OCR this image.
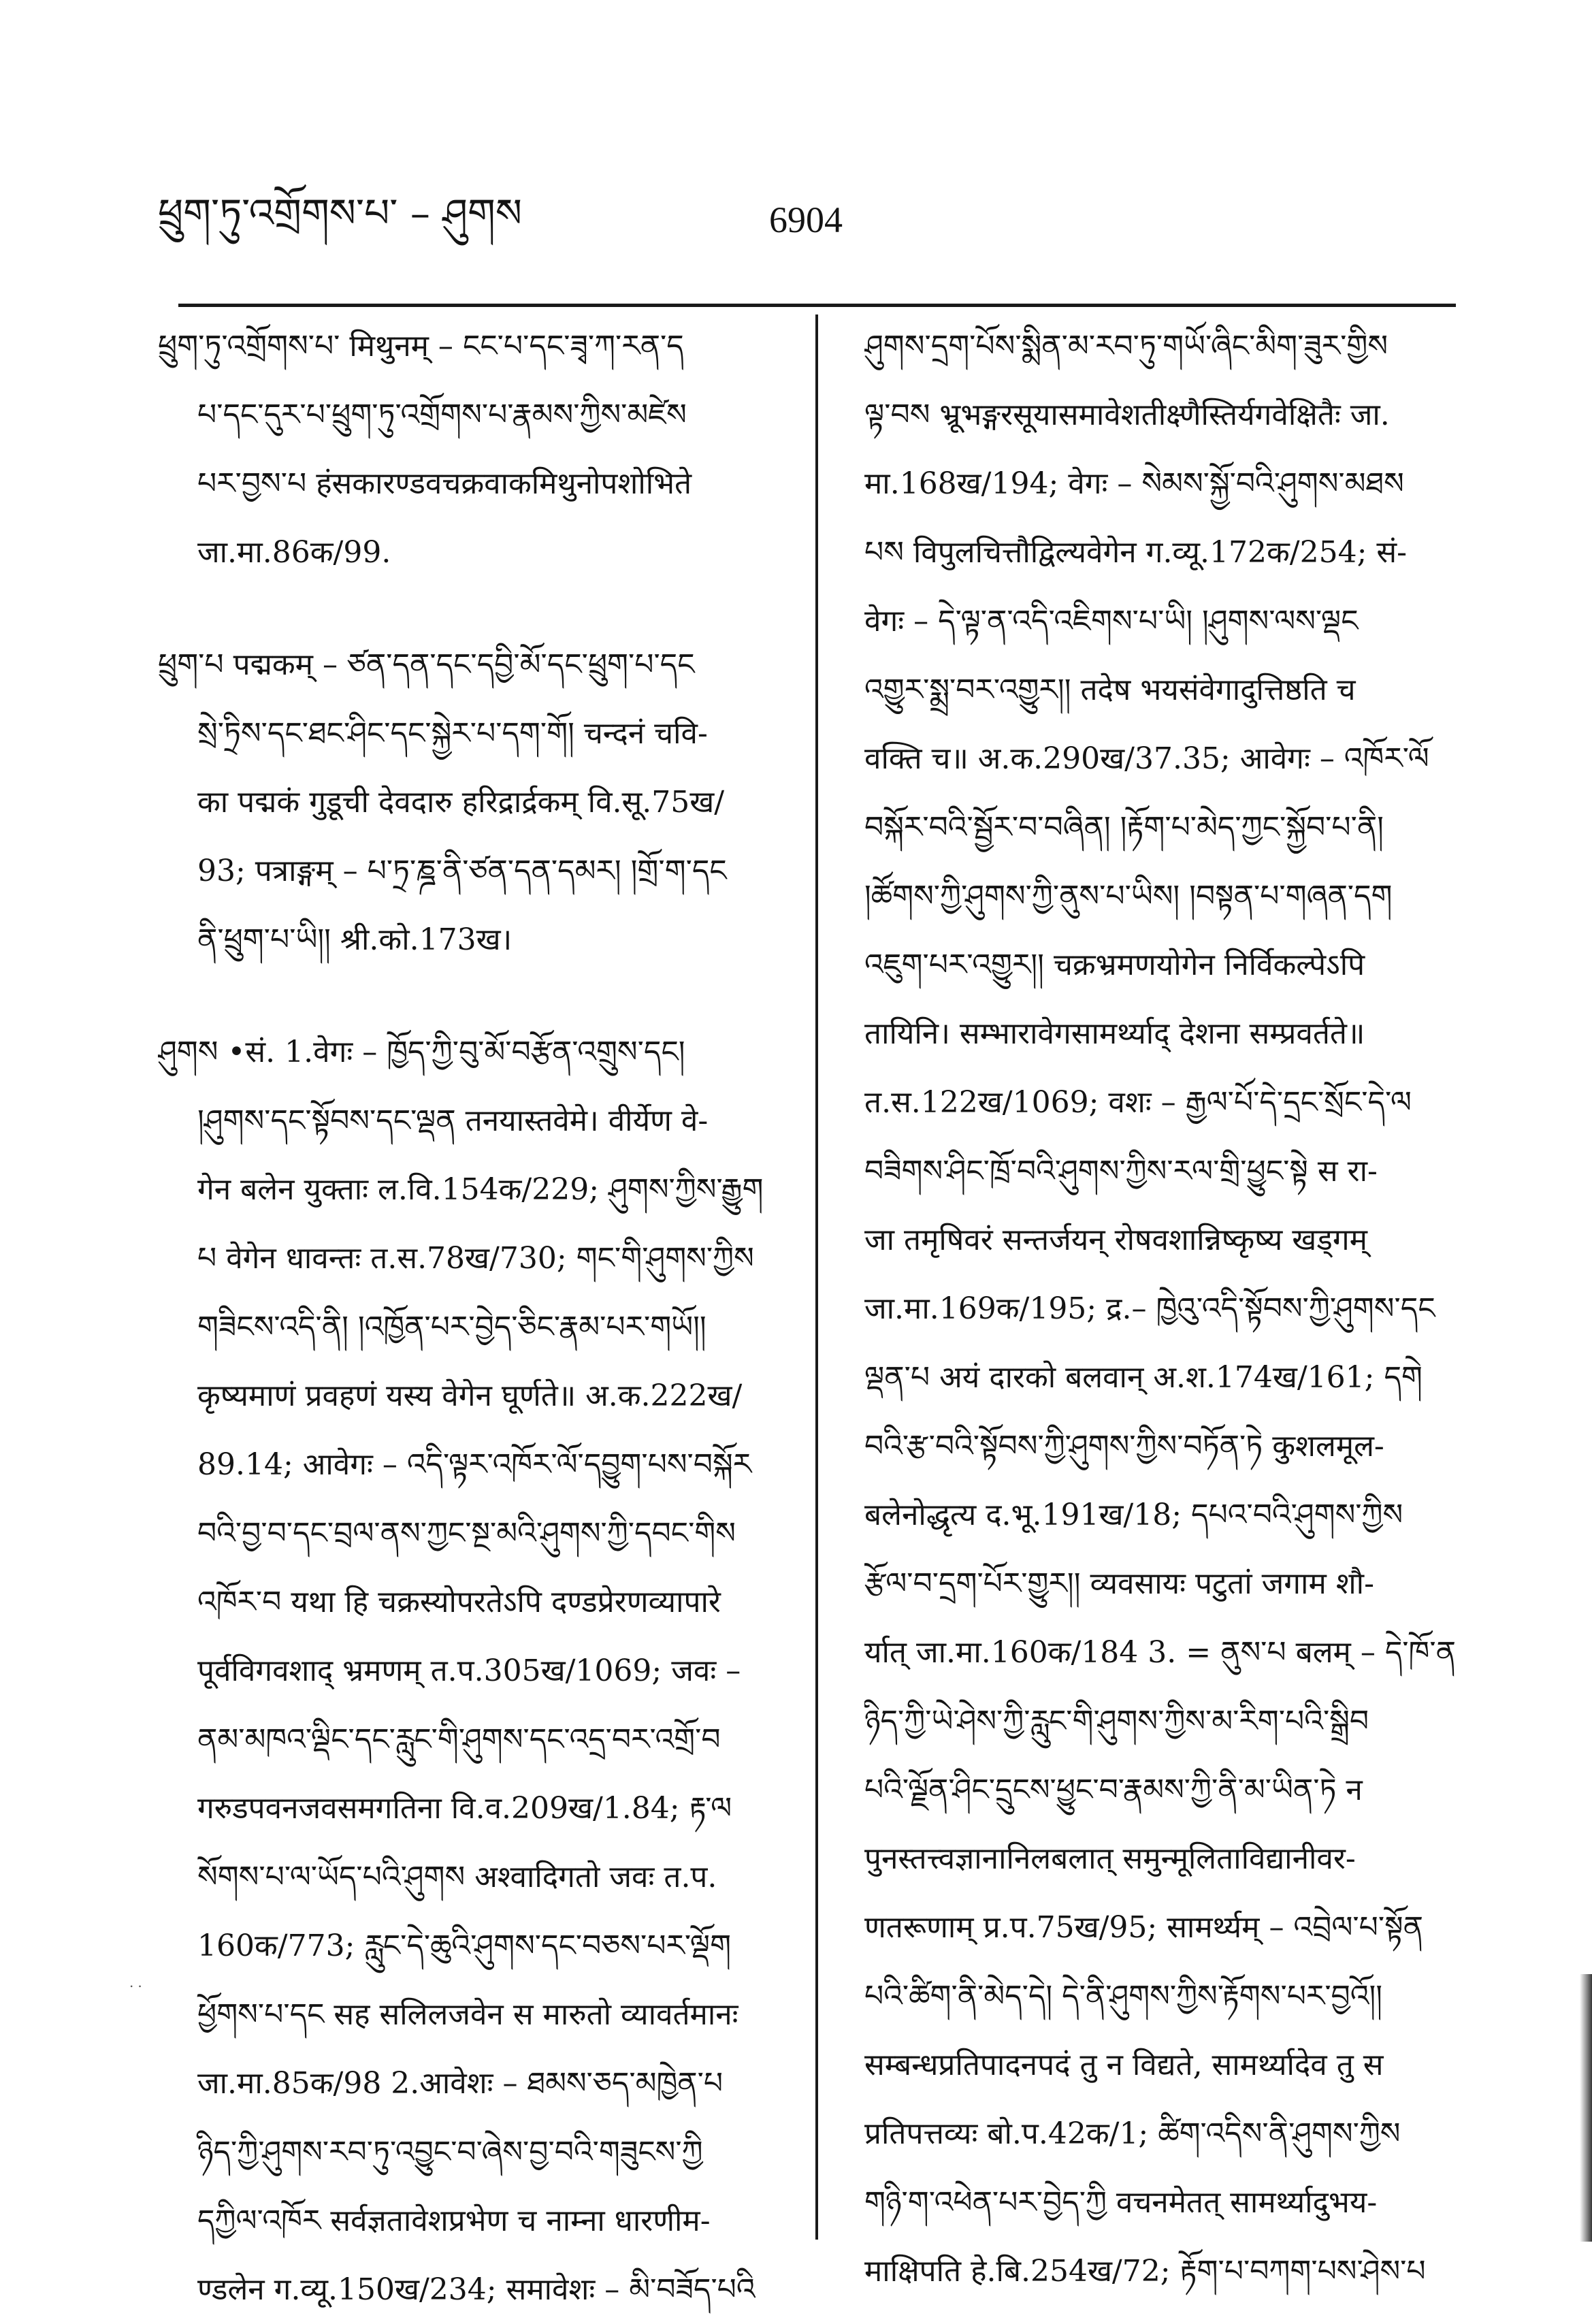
ཕྲུག་ཏུ་འགྲོགས་པ་ – ཤུགས	6904
ཕྲུག་ཏུ་འགྲོགས་པ་ मिथुनम् – ངང་པ་དང་ཟྭ་ཀ་རན་ད
པ་དང་དུར་པ་ཕྲུག་ཏུ་འགྲོགས་པ་རྣམས་ཀྱིས་མཛེས
པར་བྱས་པ हंसकारण्डवचक्रवाकमिथुनोपशोभिते
जा.मा.86क/99.
ཕྲུག་པ पद्मकम् – ཙན་དན་དང་དབྱི་མོ་དང་ཕྲུག་པ་དང
སྲེ་ཏྲིས་དང་ཐང་ཤིང་དང་སྐྱེར་པ་དག་གོ། चन्दनं चवि-
का पद्मकं गुडूची देवदारु हरिद्रार्द्रकम् वि.सू.75ख/
93; पत्राङ्गम् – པ་ཏྲ་ཎྜ་ནི་ཙན་དན་དམར། །གྲོ་ག་དང
ནི་ཕྲུག་པ་ཡི།། श्री.को.173ख।
ཤུགས •सं. 1.वेगः – ཁྱོད་ཀྱི་བུ་མོ་བརྩོན་འགྲུས་དང།
།ཤུགས་དང་སྟོབས་དང་ལྡན तनयास्तवेमे। वीर्येण वे-
गेन बलेन युक्ताः ल.वि.154क/229; ཤུགས་ཀྱིས་རྒྱུག
པ वेगेन धावन्तः त.स.78ख/730; གང་གི་ཤུགས་ཀྱིས
གཟིངས་འདི་ནི། །འཁྱོན་པར་བྱེད་ཅིང་རྣམ་པར་གཡོ།།
कृष्यमाणं प्रवहणं यस्य वेगेन घूर्णते॥ अ.क.222ख/
89.14; आवेगः – འདི་ལྟར་འཁོར་ལོ་དབྱུག་པས་བསྐོར
བའི་བྱ་བ་དང་བྲལ་ནས་ཀྱང་སྔ་མའི་ཤུགས་ཀྱི་དབང་གིས
འཁོར་བ यथा हि चक्रस्योपरतेऽपि दण्डप्रेरणव्यापारे
पूर्वविगवशाद् भ्रमणम् त.प.305ख/1069; जवः –
ནམ་མཁའ་ལྡིང་དང་རླུང་གི་ཤུགས་དང་འདྲ་བར་འགྲོ་བ
गरुडपवनजवसमगतिना वि.व.209ख/1.84; རྟ་ལ
སོགས་པ་ལ་ཡོད་པའི་ཤུགས अश्वादिगतो जवः त.प.
160क/773; རླུང་དེ་ཆུའི་ཤུགས་དང་བཅས་པར་ལྡོག
ཕྱོགས་པ་དང सह सलिलजवेन स मारुतो व्यावर्तमानः
जा.मा.85क/98 2.आवेशः – ཐམས་ཅད་མཁྱེན་པ
ཉིད་ཀྱི་ཤུགས་རབ་ཏུ་འབྱུང་བ་ཞེས་བྱ་བའི་གཟུངས་ཀྱི
དཀྱིལ་འཁོར सर्वज्ञतावेशप्रभेण च नाम्ना धारणीम-
ण्डलेन ग.व्यू.150ख/234; समावेशः – མི་བཟོད་པའི
ཤུགས་དྲག་པོས་སྨིན་མ་རབ་ཏུ་གཡོ་ཞིང་མིག་ཟུར་གྱིས
ལྟ་བས भ्रूभङ्गरसूयासमावेशतीक्ष्णैस्तिर्यगवेक्षितैः जा.
मा.168ख/194; वेगः – སེམས་སྐྱོ་བའི་ཤུགས་མཐས
པས विपुलचित्तौद्विल्यवेगेन ग.व्यू.172क/254; सं-
वेगः – དེ་ལྟ་ན་འདི་འཇིགས་པ་ཡི། །ཤུགས་ལས་ལྡང
འགྱུར་སྨྲ་བར་འགྱུར།། तदेष भयसंवेगादुत्तिष्ठति च
वक्ति च॥ अ.क.290ख/37.35; आवेगः – འཁོར་ལོ
བསྐོར་བའི་སྦྱོར་བ་བཞིན། །རྟོག་པ་མེད་ཀྱང་སྐྱོབ་པ་ནི།
།ཚོགས་ཀྱི་ཤུགས་ཀྱི་ནུས་པ་ཡིས། །བསྟན་པ་གཞན་དག
འཇུག་པར་འགྱུར།། चक्रभ्रमणयोगेन निर्विकल्पेऽपि
तायिनि। सम्भारावेगसामर्थ्याद् देशना सम्प्रवर्तते॥
त.स.122ख/1069; वशः – རྒྱལ་པོ་དེ་དྲང་སྲོང་དེ་ལ
བཟིགས་ཤིང་ཁྲོ་བའི་ཤུགས་ཀྱིས་རལ་གྲི་ཕྱུང་སྟེ स रा-
जा तमृषिवरं सन्तर्जयन् रोषवशान्निष्कृष्य खड्गम्
जा.मा.169क/195; द्र.– ཁྱེའུ་འདི་སྟོབས་ཀྱི་ཤུགས་དང
ལྡན་པ अयं दारको बलवान् अ.श.174ख/161; དགེ
བའི་རྩ་བའི་སྟོབས་ཀྱི་ཤུགས་ཀྱིས་བཏོན་ཏེ कुशलमूल-
बलेनोद्धृत्य द.भू.191ख/18; དཔའ་བའི་ཤུགས་ཀྱིས
རྩོལ་བ་དྲག་པོར་གྱུར།། व्यवसायः पटुतां जगाम शौ-
र्यात् जा.मा.160क/184 3. = ནུས་པ बलम् – དེ་ཁོ་ན
ཉིད་ཀྱི་ཡེ་ཤེས་ཀྱི་རླུང་གི་ཤུགས་ཀྱིས་མ་རིག་པའི་སྒྲིབ
པའི་ལྗོན་ཤིང་དྲུངས་ཕྱུང་བ་རྣམས་ཀྱི་ནི་མ་ཡིན་ཏེ न
पुनस्तत्त्वज्ञानानिलबलात् समुन्मूलिताविद्यानीवर-
णतरूणाम् प्र.प.75ख/95; सामर्थ्यम् – འབྲེལ་པ་སྟོན
པའི་ཚིག་ནི་མེད་དེ། དེ་ནི་ཤུགས་ཀྱིས་རྟོགས་པར་བྱའོ།།
सम्बन्धप्रतिपादनपदं तु न विद्यते, सामर्थ्यादेव तु स
प्रतिपत्तव्यः बो.प.42क/1; ཚིག་འདིས་ནི་ཤུགས་ཀྱིས
གཉི་ག་འཕེན་པར་བྱེད་ཀྱི वचनमेतत् सामर्थ्यादुभय-
माक्षिपति हे.बि.254ख/72; རྟོག་པ་བཀག་པས་ཤེས་པ
..
